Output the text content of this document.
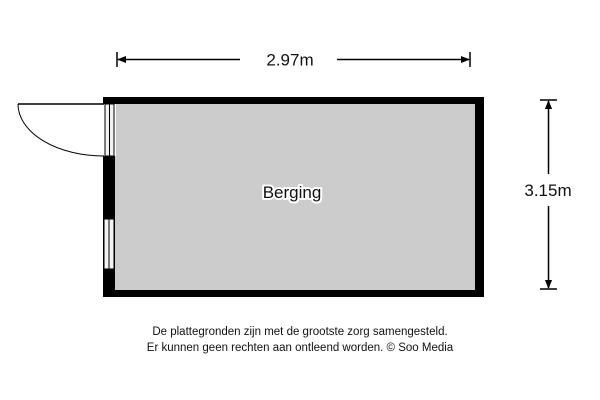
2.97m
3.15m
Berging
De plattegronden zijn met de grootste zorg samengesteld.
Er kunnen geen rechten aan ontleend worden. © Soo Media
